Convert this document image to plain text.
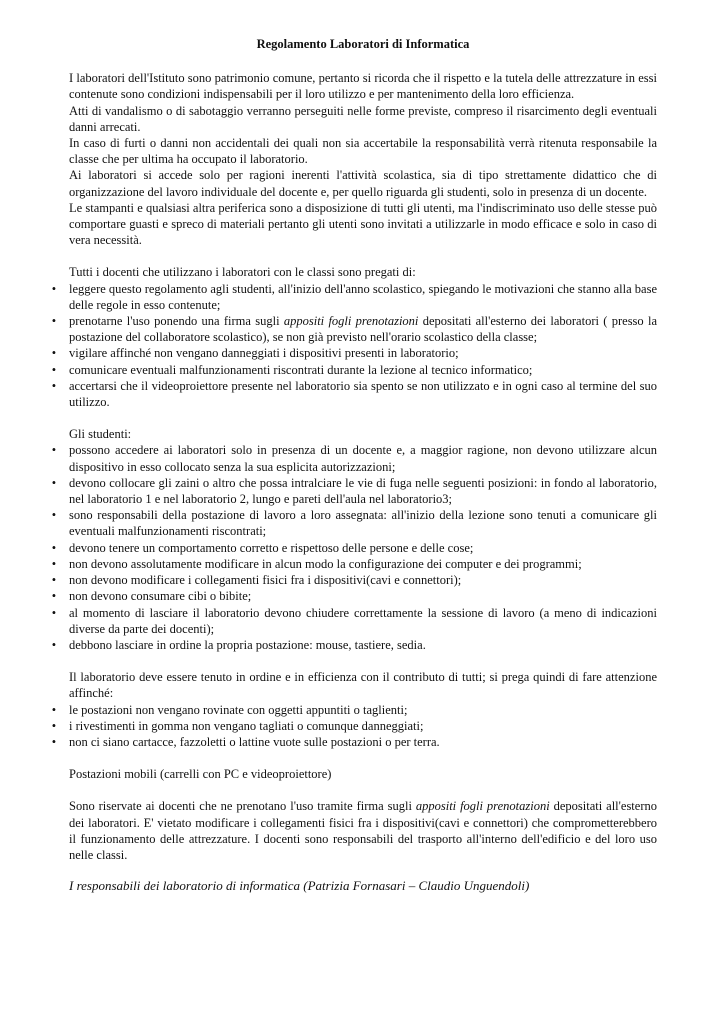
Regolamento Laboratori di Informatica

I laboratori dell'Istituto sono patrimonio comune, pertanto si ricorda che il rispetto e la tutela delle attrezzature in essi contenute sono condizioni indispensabili per il loro utilizzo e per mantenimento della loro efficienza.

Atti di vandalismo o di sabotaggio verranno perseguiti nelle forme previste, compreso il risarcimento degli eventuali danni arrecati.

In caso di furti o danni non accidentali dei quali non sia accertabile la responsabilità verrà ritenuta responsabile la classe che per ultima ha occupato il laboratorio.

Ai laboratori si accede solo per ragioni inerenti l'attività scolastica, sia di tipo strettamente didattico che di organizzazione del lavoro individuale del docente e, per quello riguarda gli studenti, solo in presenza di un docente.

Le stampanti e qualsiasi altra periferica sono a disposizione di tutti gli utenti, ma l'indiscriminato uso delle stesse può comportare guasti e spreco di materiali pertanto gli utenti sono invitati a utilizzarle in modo efficace e solo in caso di vera necessità.

Tutti i docenti che utilizzano i laboratori con le classi sono pregati di:

•	leggere questo regolamento agli studenti, all'inizio dell'anno scolastico, spiegando le motivazioni che stanno alla base delle regole in esso contenute;
•	prenotarne l'uso ponendo una firma sugli appositi fogli prenotazioni depositati all'esterno dei laboratori ( presso la postazione del collaboratore scolastico), se non già previsto nell'orario scolastico della classe;
•	vigilare affinché non vengano danneggiati i dispositivi presenti in laboratorio;
•	comunicare eventuali malfunzionamenti riscontrati durante la lezione al tecnico informatico;
•	accertarsi che il videoproiettore presente nel laboratorio sia spento se non utilizzato e in ogni caso al termine del suo utilizzo.

Gli studenti:

•	possono accedere ai laboratori solo in presenza di un docente e, a maggior ragione, non devono utilizzare alcun dispositivo in esso collocato senza la sua esplicita autorizzazioni;
•	devono collocare gli zaini o altro che possa intralciare le vie di fuga nelle seguenti posizioni: in fondo al laboratorio, nel laboratorio 1 e nel laboratorio 2, lungo e pareti dell'aula nel laboratorio3;
•	sono responsabili della postazione di lavoro a loro assegnata: all'inizio della lezione sono tenuti a comunicare gli eventuali malfunzionamenti riscontrati;
•	devono tenere un comportamento corretto e rispettoso delle persone e delle cose;
•	non devono assolutamente modificare in alcun modo la configurazione dei computer e dei programmi;
•	non devono modificare i collegamenti fisici fra i dispositivi(cavi e connettori);
•	non devono consumare cibi o bibite;
•	al momento di lasciare il laboratorio devono chiudere correttamente la sessione di lavoro (a meno di indicazioni diverse da parte dei docenti);
•	debbono lasciare in ordine la propria postazione: mouse, tastiere, sedia.

Il laboratorio deve essere tenuto in ordine e in efficienza con il contributo di tutti; si prega quindi di fare attenzione affinché:

•	le postazioni non vengano rovinate con oggetti appuntiti o taglienti;
•	i rivestimenti in gomma non vengano tagliati o comunque danneggiati;
•	non ci siano cartacce, fazzoletti o lattine vuote sulle postazioni o per terra.

Postazioni mobili (carrelli con PC e videoproiettore)

Sono riservate ai docenti che ne prenotano l'uso tramite firma sugli appositi fogli prenotazioni depositati all'esterno dei laboratori. E' vietato modificare i collegamenti fisici fra i dispositivi(cavi e connettori) che comprometterebbero il funzionamento delle attrezzature. I docenti sono responsabili del trasporto all'interno dell'edificio e del loro uso nelle classi.

I responsabili dei laboratorio di informatica (Patrizia Fornasari – Claudio Unguendoli)
